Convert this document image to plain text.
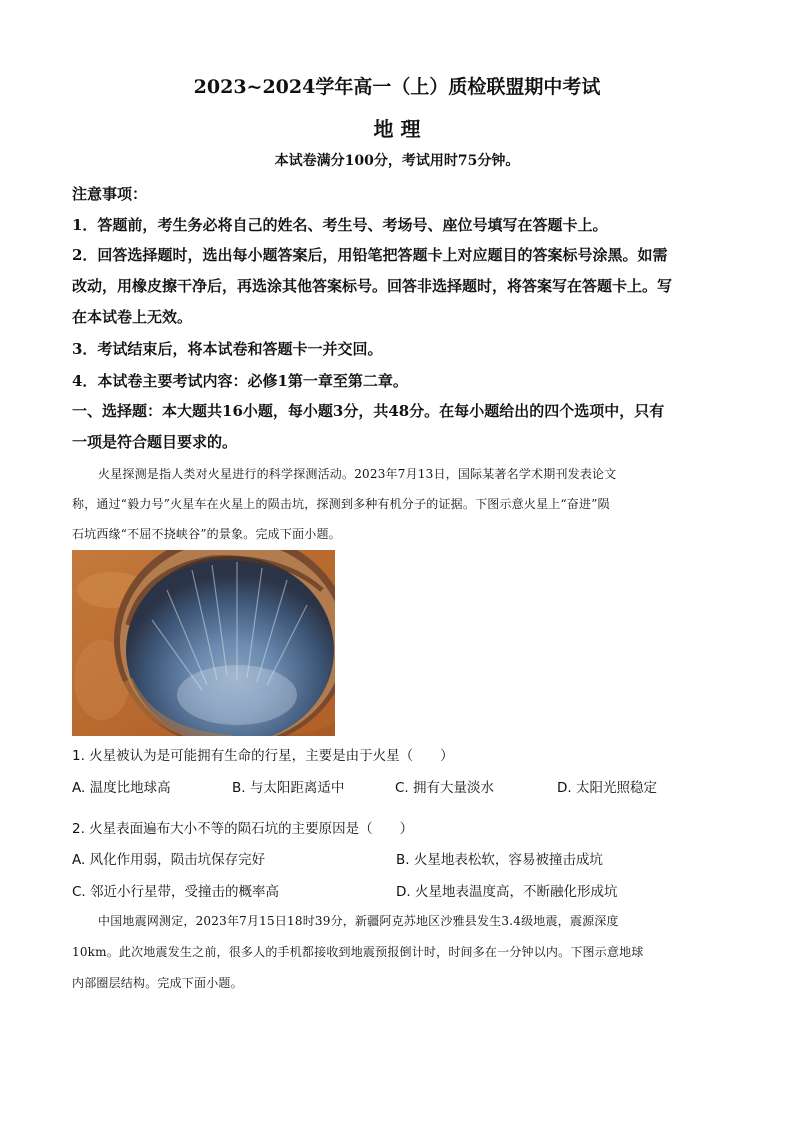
2023~2024学年高一（上）质检联盟期中考试
地 理
本试卷满分100分，考试用时75分钟。
注意事项：
1．答题前，考生务必将自己的姓名、考生号、考场号、座位号填写在答题卡上。
2．回答选择题时，选出每小题答案后，用铅笔把答题卡上对应题目的答案标号涂黑。如需
改动，用橡皮擦干净后，再选涂其他答案标号。回答非选择题时，将答案写在答题卡上。写
在本试卷上无效。
3．考试结束后，将本试卷和答题卡一并交回。
4．本试卷主要考试内容：必修1第一章至第二章。
一、选择题：本大题共16小题，每小题3分，共48分。在每小题给出的四个选项中，只有
一项是符合题目要求的。
火星探测是指人类对火星进行的科学探测活动。2023年7月13日，国际某著名学术期刊发表论文
称，通过“毅力号”火星车在火星上的陨击坑，探测到多种有机分子的证据。下图示意火星上“奋进”陨
石坑西缘“不屈不挠峡谷”的景象。完成下面小题。
1. 火星被认为是可能拥有生命的行星，主要是由于火星（　　）
A. 温度比地球高	B. 与太阳距离适中	C. 拥有大量淡水	D. 太阳光照稳定
2. 火星表面遍布大小不等的陨石坑的主要原因是（　　）
A. 风化作用弱，陨击坑保存完好	B. 火星地表松软，容易被撞击成坑
C. 邻近小行星带，受撞击的概率高	D. 火星地表温度高，不断融化形成坑
中国地震网测定，2023年7月15日18时39分，新疆阿克苏地区沙雅县发生3.4级地震，震源深度
10km。此次地震发生之前，很多人的手机都接收到地震预报倒计时，时间多在一分钟以内。下图示意地球
内部圈层结构。完成下面小题。
